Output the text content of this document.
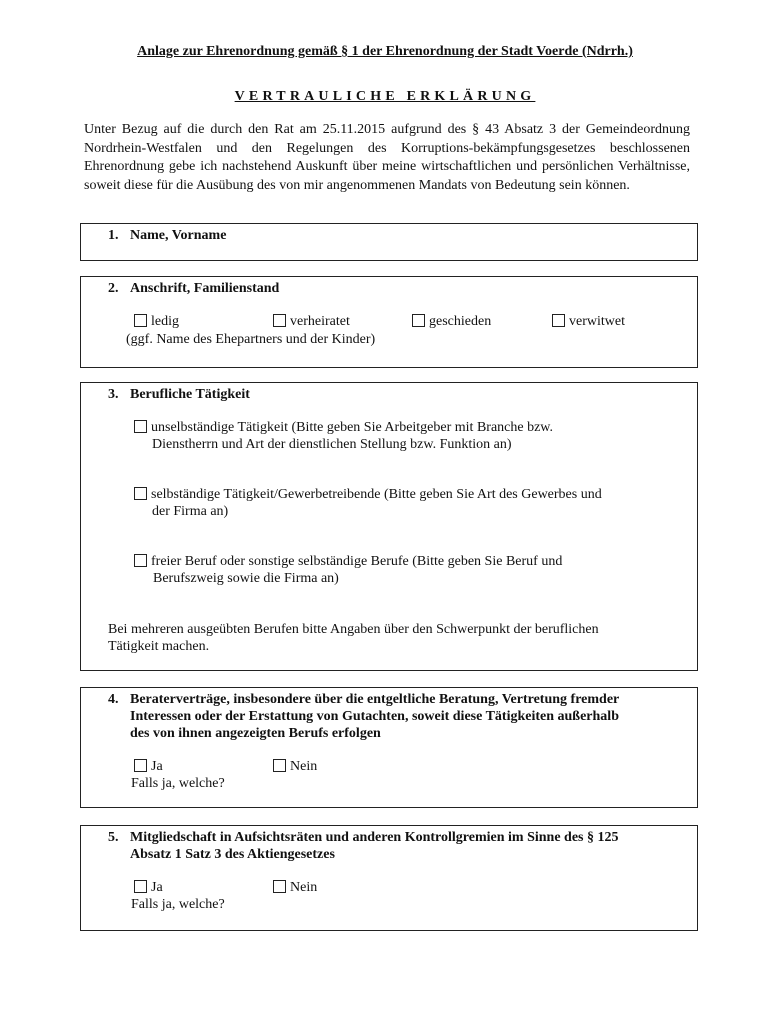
Anlage zur Ehrenordnung gemäß § 1 der Ehrenordnung der Stadt Voerde (Ndrrh.)
VERTRAULICHE ERKLÄRUNG

Unter Bezug auf die durch den Rat am 25.11.2015 aufgrund des § 43 Absatz 3 der Gemeindeordnung Nordrhein-Westfalen und den Regelungen des Korruptions-bekämpfungsgesetzes beschlossenen Ehrenordnung gebe ich nachstehend Auskunft über meine wirtschaftlichen und persönlichen Verhältnisse, soweit diese für die Ausübung des von mir angenommenen Mandats von Bedeutung sein können.

1. Name, Vorname
2. Anschrift, Familienstand
ledig	verheiratet	geschieden	verwitwet
(ggf. Name des Ehepartners und der Kinder)
3. Berufliche Tätigkeit
unselbständige Tätigkeit (Bitte geben Sie Arbeitgeber mit Branche bzw.
Dienstherrn und Art der dienstlichen Stellung bzw. Funktion an)
selbständige Tätigkeit/Gewerbetreibende (Bitte geben Sie Art des Gewerbes und
der Firma an)
freier Beruf oder sonstige selbständige Berufe (Bitte geben Sie Beruf und
Berufszweig sowie die Firma an)
Bei mehreren ausgeübten Berufen bitte Angaben über den Schwerpunkt der beruflichen
Tätigkeit machen.
4. Beraterverträge, insbesondere über die entgeltliche Beratung, Vertretung fremder
Interessen oder der Erstattung von Gutachten, soweit diese Tätigkeiten außerhalb
des von ihnen angezeigten Berufs erfolgen
Ja	Nein
Falls ja, welche?
5. Mitgliedschaft in Aufsichtsräten und anderen Kontrollgremien im Sinne des § 125
Absatz 1 Satz 3 des Aktiengesetzes
Ja	Nein
Falls ja, welche?
